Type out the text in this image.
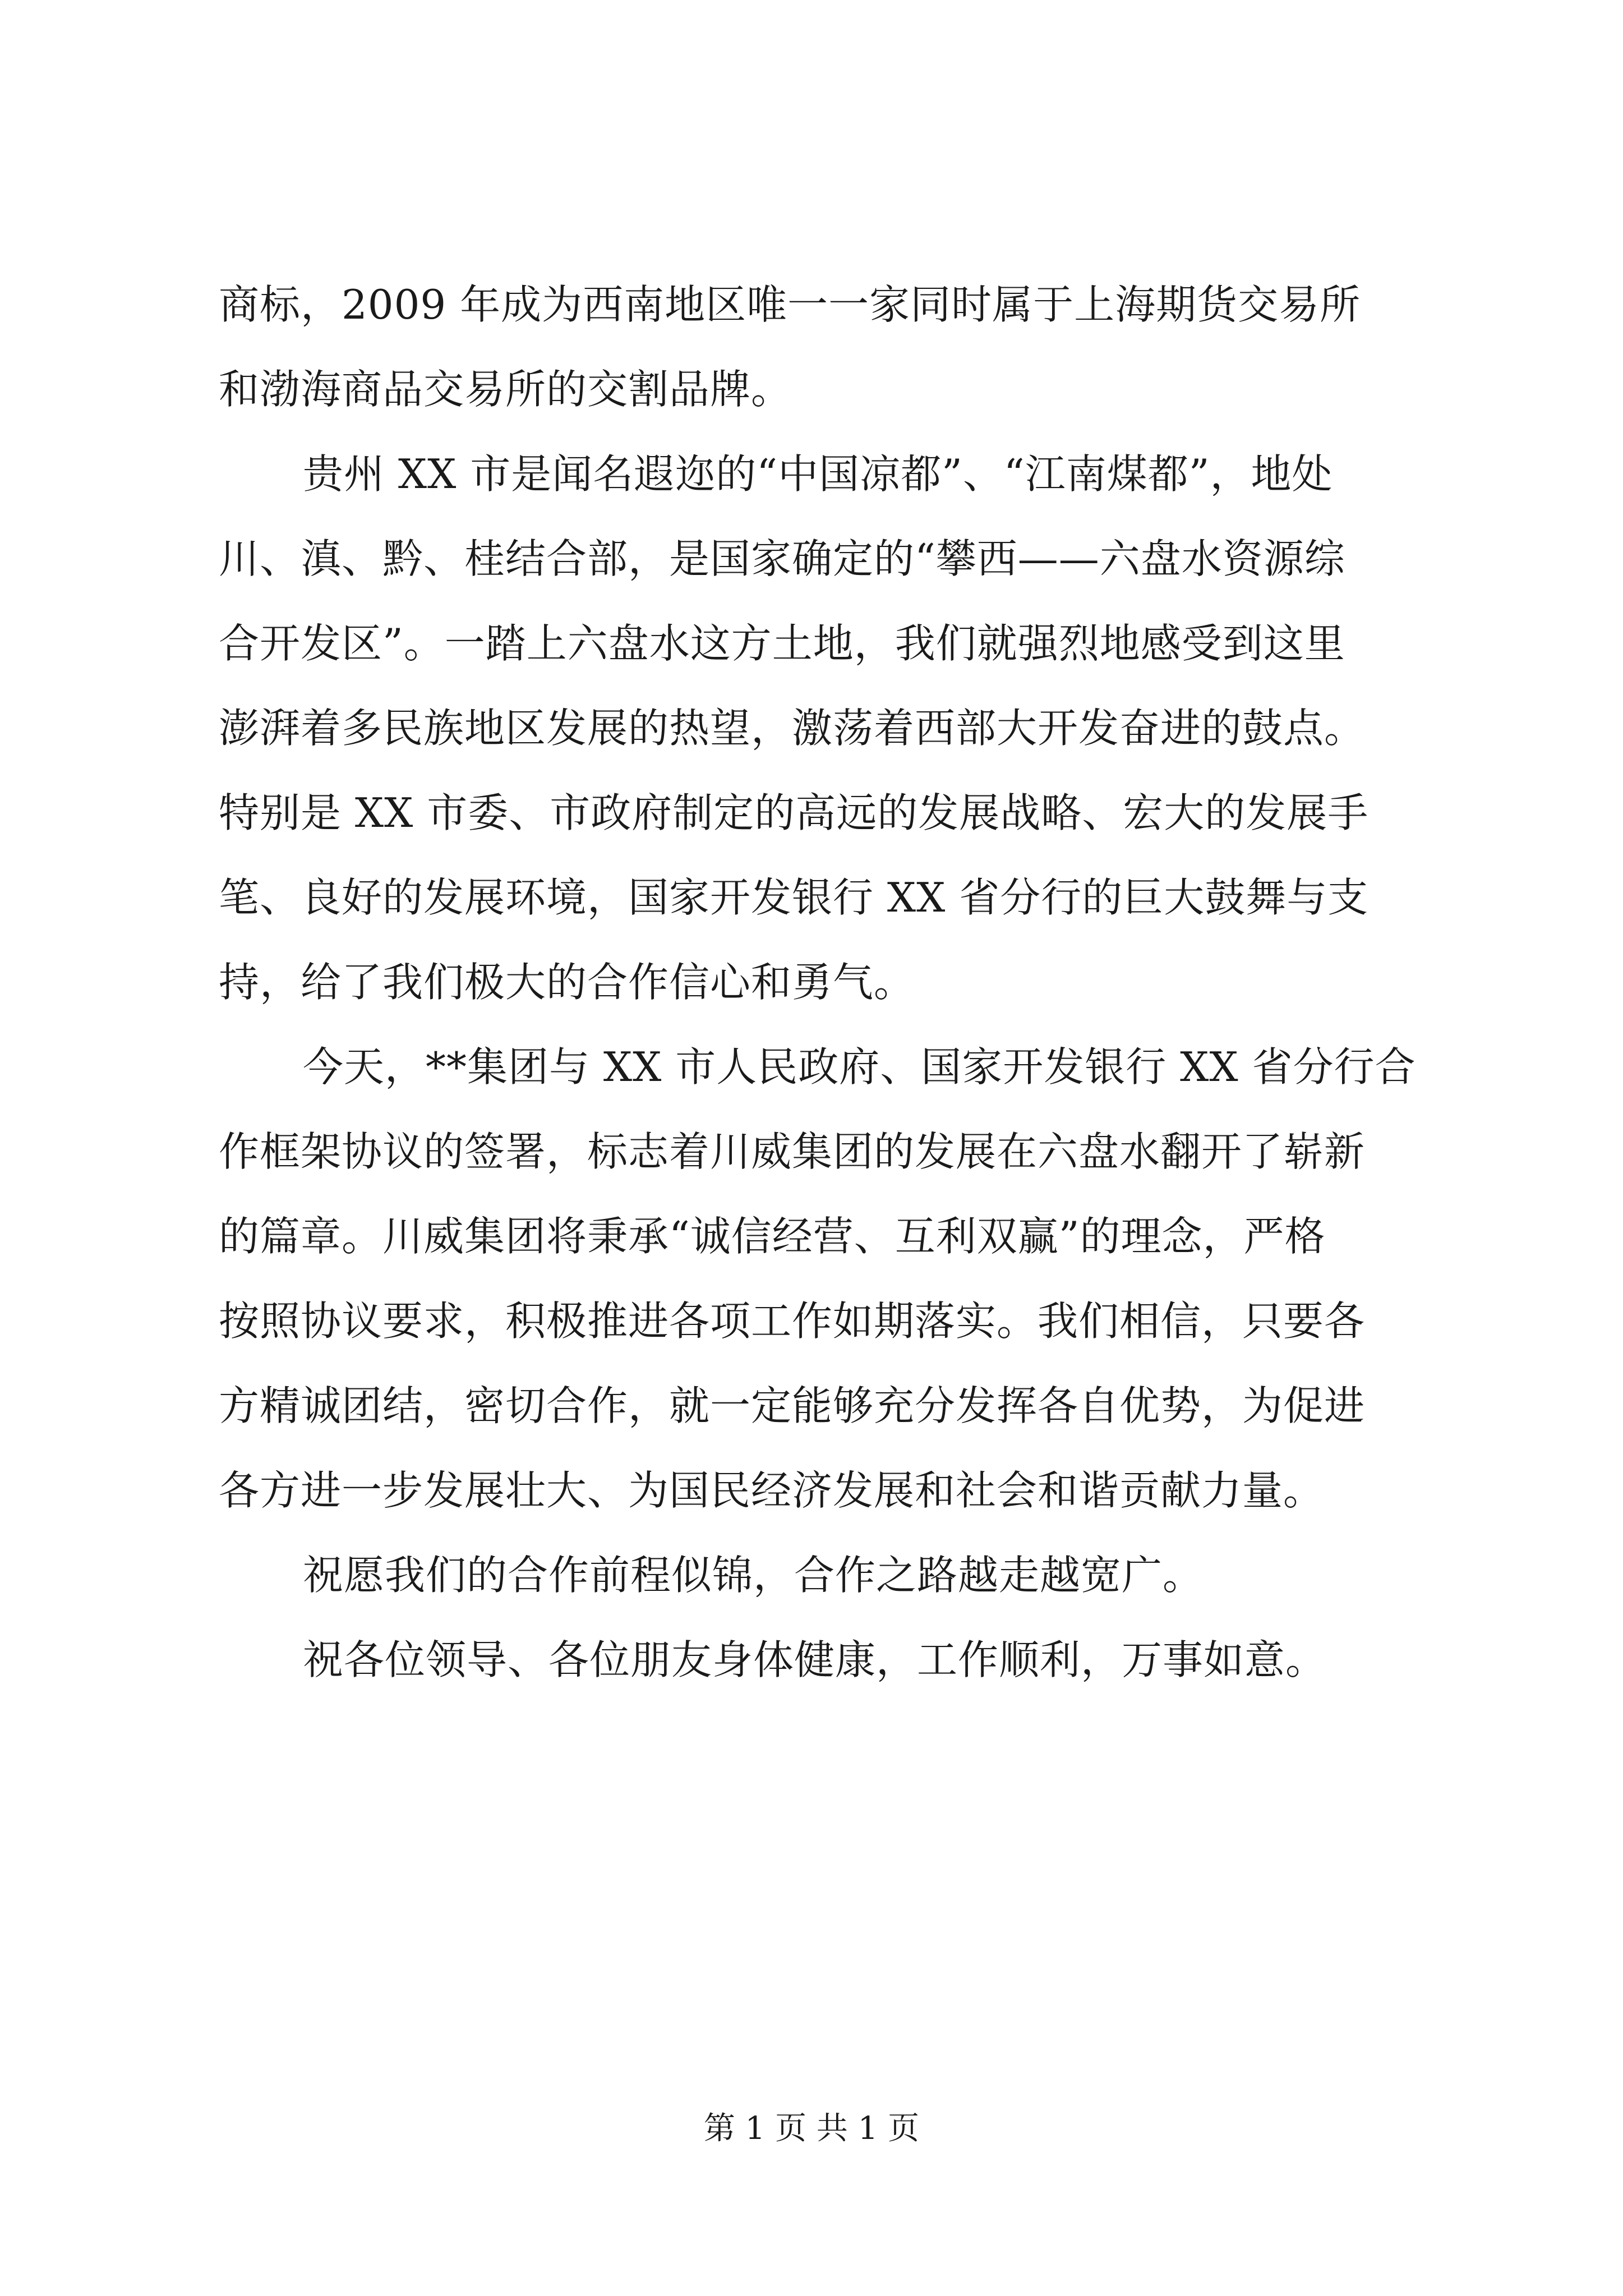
商标，2009 年成为西南地区唯一一家同时属于上海期货交易所
和渤海商品交易所的交割品牌。
贵州 XX 市是闻名遐迩的“中国凉都”、“江南煤都”，地处
川、滇、黔、桂结合部，是国家确定的“攀西——六盘水资源综
合开发区”。一踏上六盘水这方土地，我们就强烈地感受到这里
澎湃着多民族地区发展的热望，激荡着西部大开发奋进的鼓点。
特别是 XX 市委、市政府制定的高远的发展战略、宏大的发展手
笔、良好的发展环境，国家开发银行 XX 省分行的巨大鼓舞与支
持，给了我们极大的合作信心和勇气。
今天，**集团与 XX 市人民政府、国家开发银行 XX 省分行合
作框架协议的签署，标志着川威集团的发展在六盘水翻开了崭新
的篇章。川威集团将秉承“诚信经营、互利双赢”的理念，严格
按照协议要求，积极推进各项工作如期落实。我们相信，只要各
方精诚团结，密切合作，就一定能够充分发挥各自优势，为促进
各方进一步发展壮大、为国民经济发展和社会和谐贡献力量。
祝愿我们的合作前程似锦，合作之路越走越宽广。
祝各位领导、各位朋友身体健康，工作顺利，万事如意。
第 1 页 共 1 页
